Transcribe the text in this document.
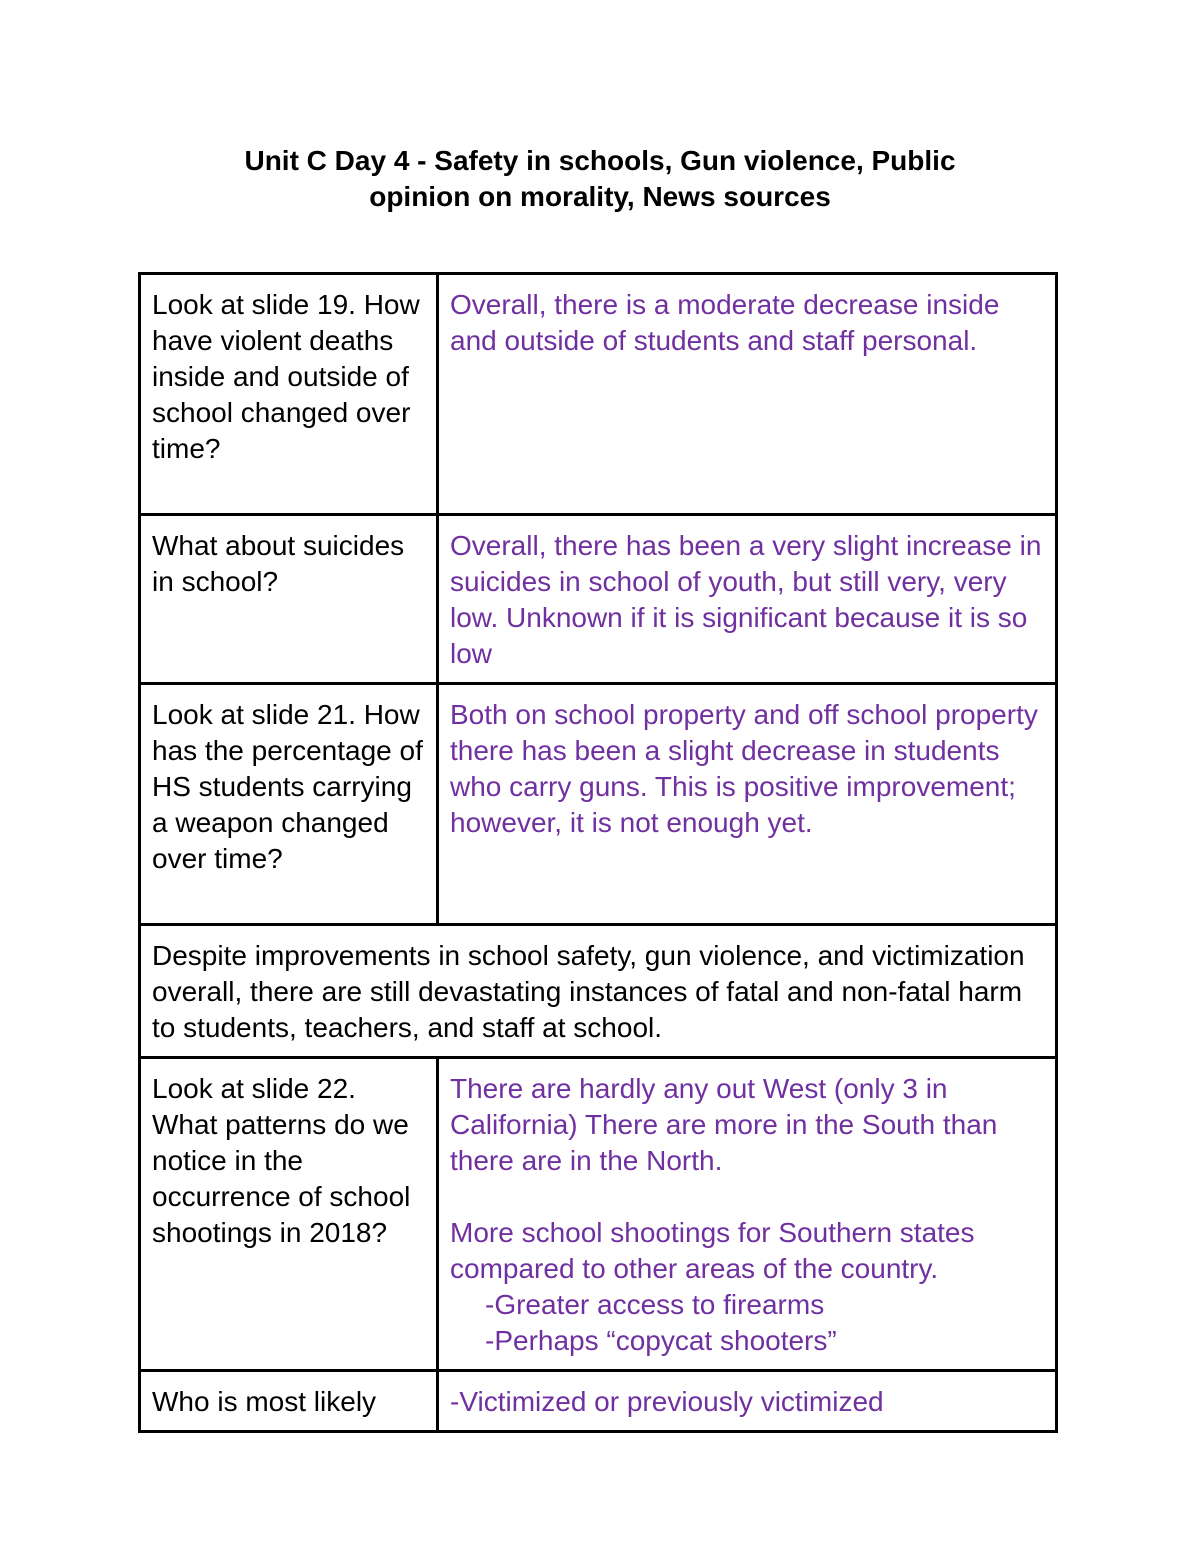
Unit C Day 4 - Safety in schools, Gun violence, Public
opinion on morality, News sources
Look at slide 19. How have violent deaths inside and outside of school changed over time?	Overall, there is a moderate decrease inside and outside of students and staff personal.
What about suicides in school?	Overall, there has been a very slight increase in suicides in school of youth, but still very, very low. Unknown if it is significant because it is so low
Look at slide 21. How has the percentage of HS students carrying a weapon changed over time?	Both on school property and off school property there has been a slight decrease in students who carry guns. This is positive improvement; however, it is not enough yet.
Despite improvements in school safety, gun violence, and victimization overall, there are still devastating instances of fatal and non-fatal harm to students, teachers, and staff at school.	
Look at slide 22. What patterns do we notice in the occurrence of school shootings in 2018?	There are hardly any out West (only 3 in California) There are more in the South than there are in the North.
More school shootings for Southern states compared to other areas of the country.
-Greater access to firearms
-Perhaps “copycat shooters”

Who is most likely	-Victimized or previously victimized
